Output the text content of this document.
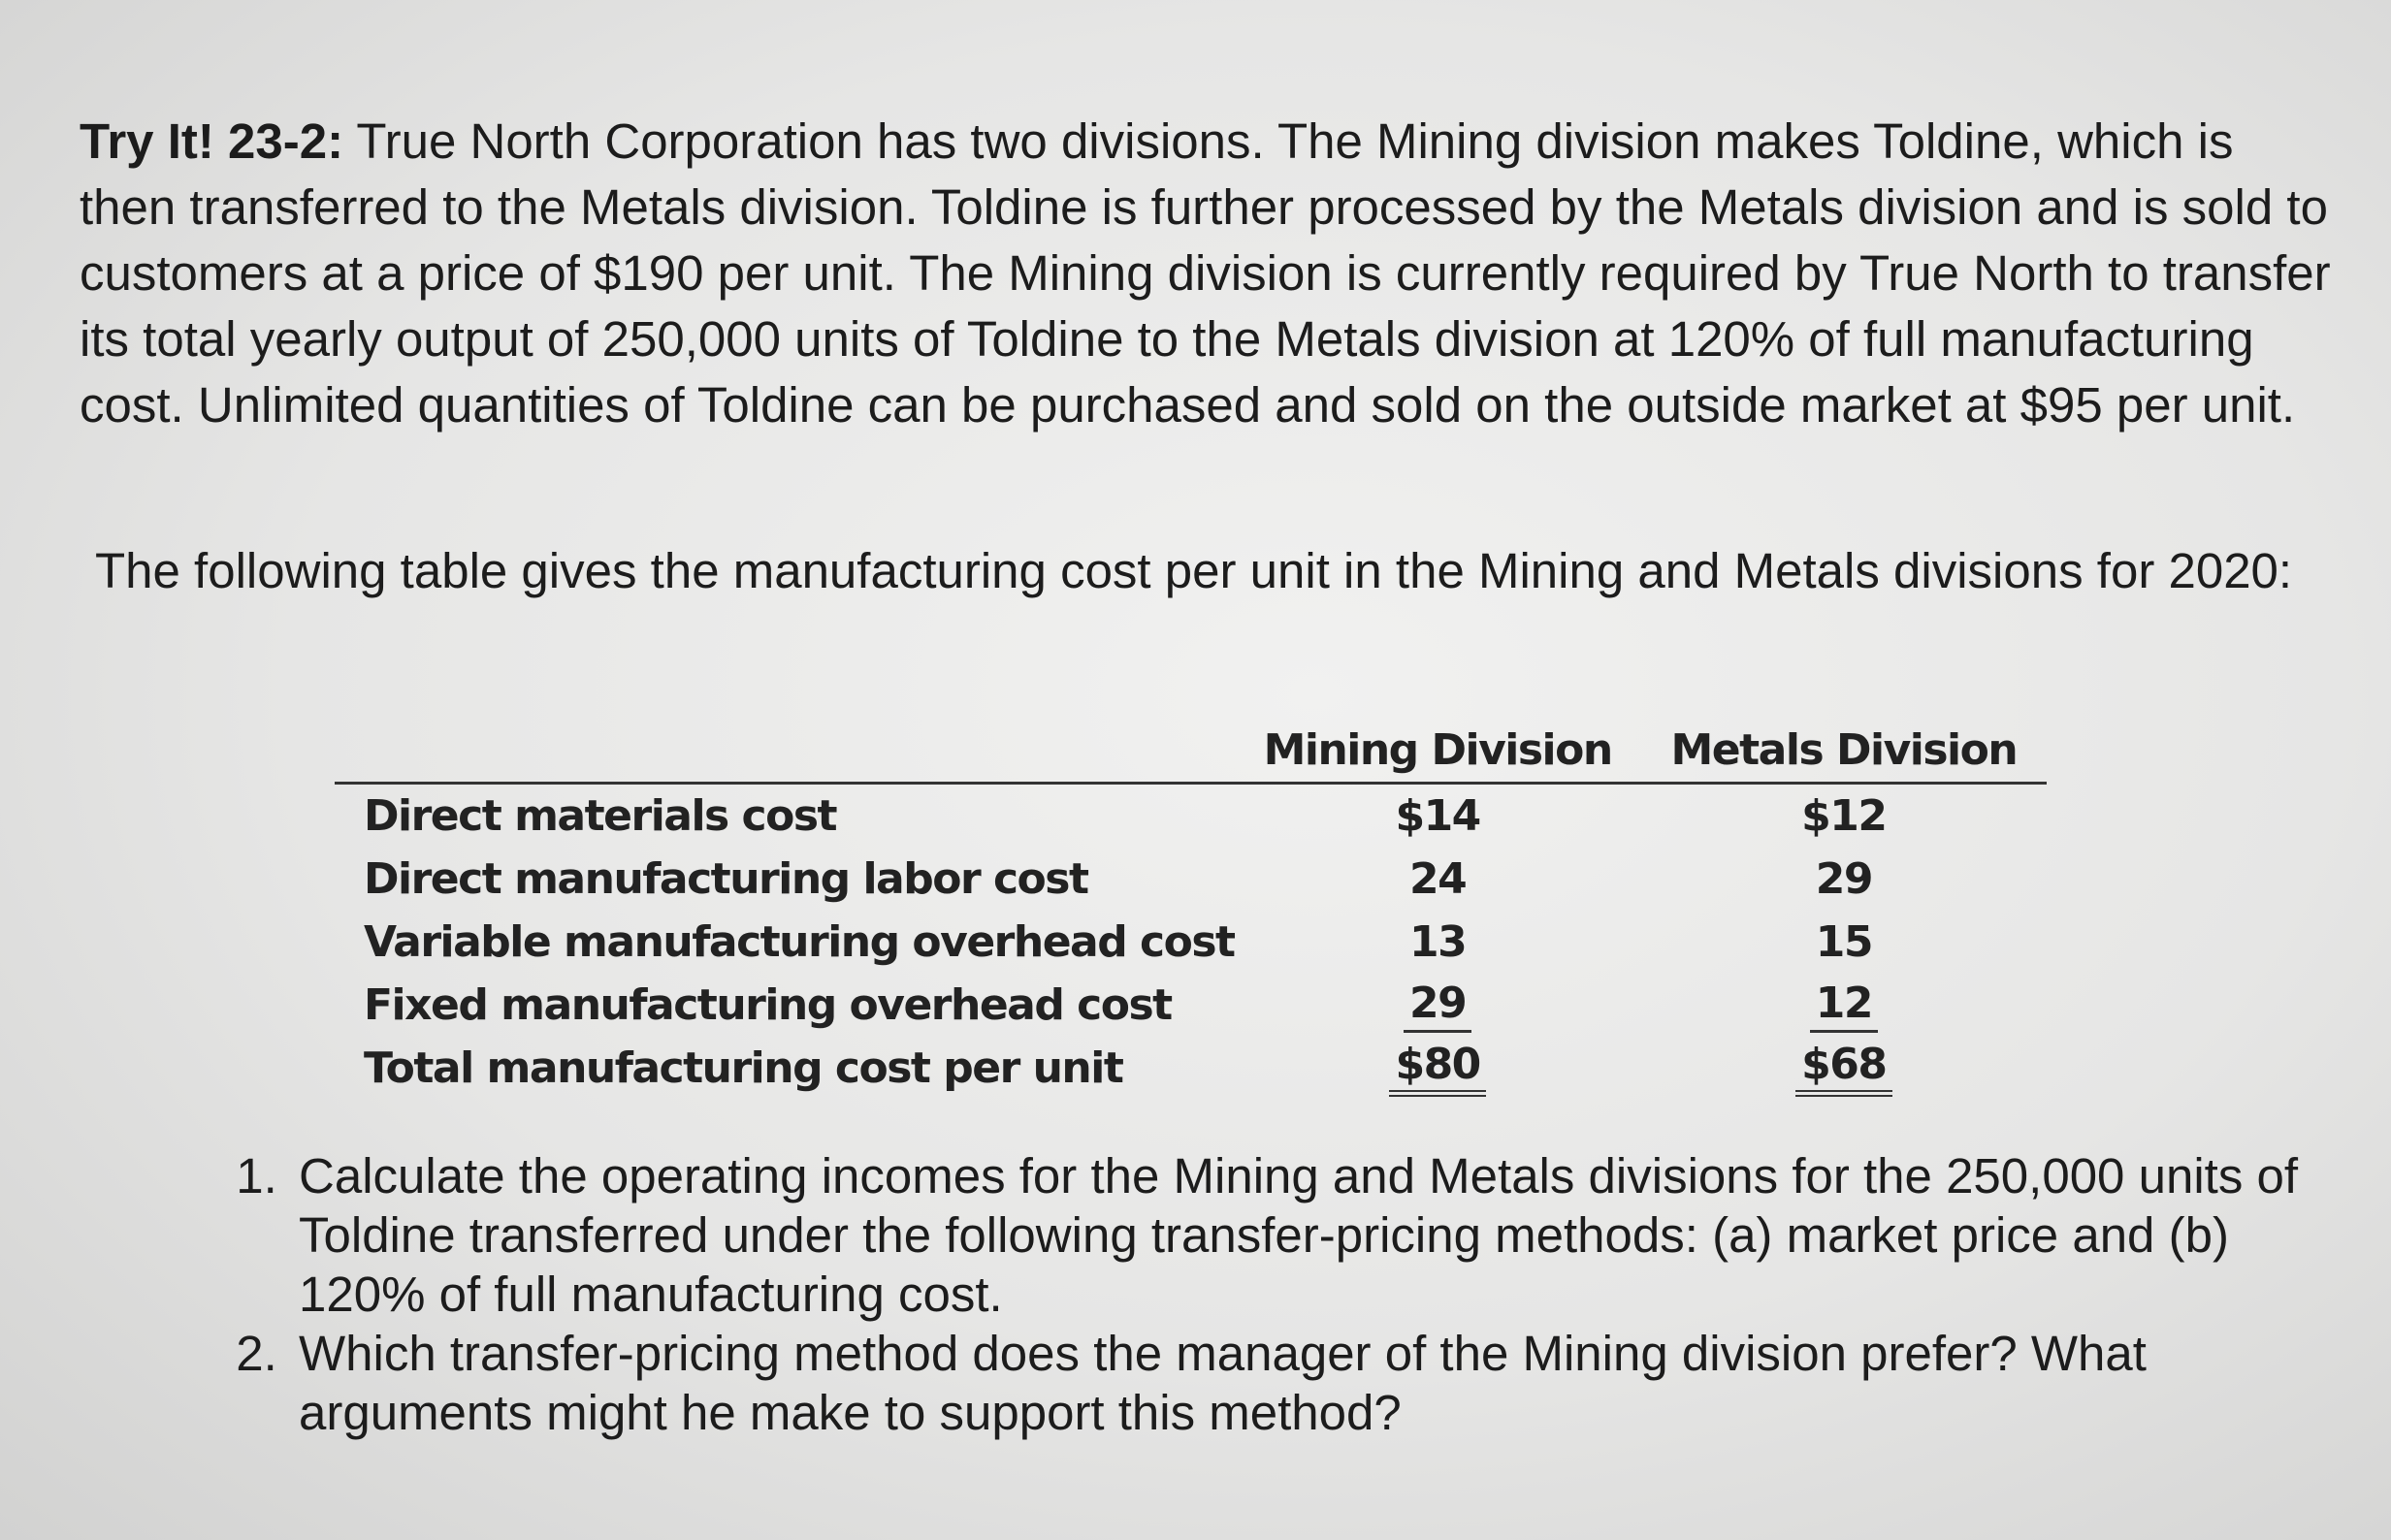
Try It! 23-2: True North Corporation has two divisions. The Mining division makes Toldine, which is then transferred to the Metals division. Toldine is further processed by the Metals division and is sold to customers at a price of $190 per unit. The Mining division is currently required by True North to transfer its total yearly output of 250,000 units of Toldine to the Metals division at 120% of full manufacturing cost. Unlimited quantities of Toldine can be purchased and sold on the outside market at $95 per unit.

The following table gives the manufacturing cost per unit in the Mining and Metals divisions for 2020:

	Mining Division	Metals Division

Direct materials cost	$14	$12
Direct manufacturing labor cost	24	29
Variable manufacturing overhead cost	13	15
Fixed manufacturing overhead cost	29	12
Total manufacturing cost per unit	$80	$68
1. Calculate the operating incomes for the Mining and Metals divisions for the 250,000 units of Toldine transferred under the following transfer-pricing methods: (a) market price and (b) 120% of full manufacturing cost.
2. Which transfer-pricing method does the manager of the Mining division prefer? What arguments might he make to support this method?
